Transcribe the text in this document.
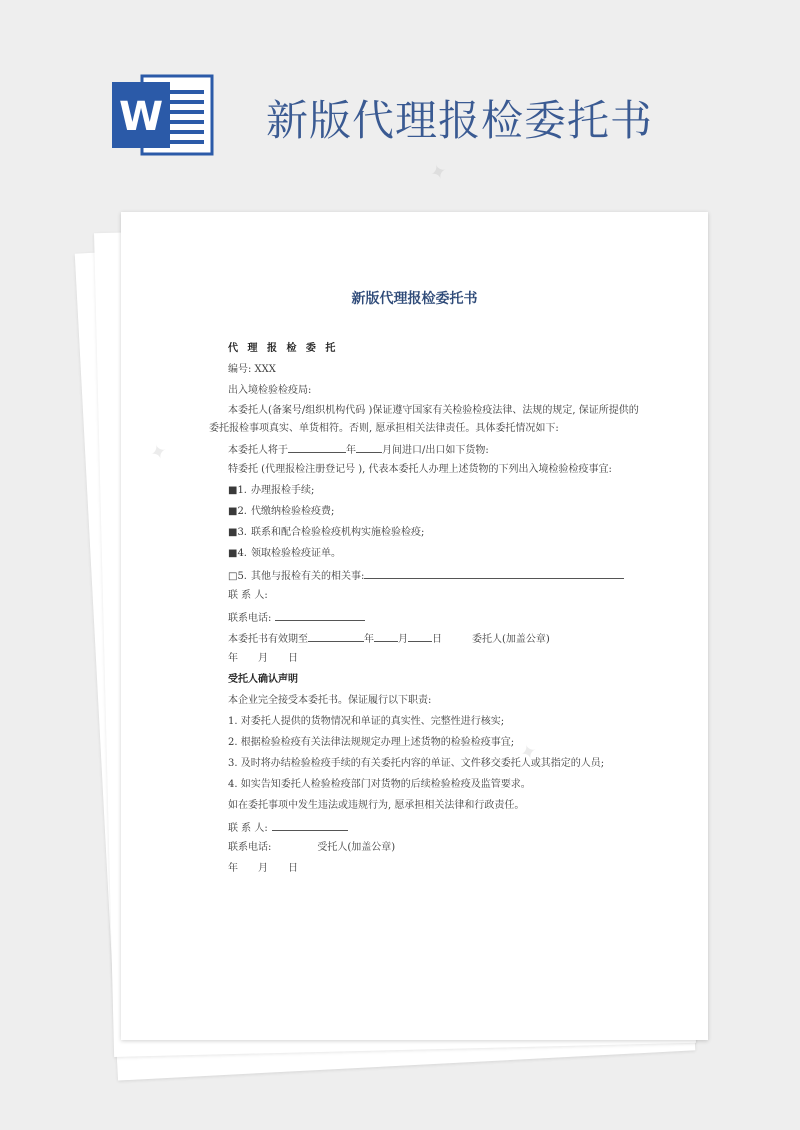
W 新版代理报检委托书
新版代理报检委托书
代 理 报 检 委 托
编号: XXX
出入境检验检疫局:
本委托人(备案号/组织机构代码 )保证遵守国家有关检验检疫法律、法规的规定, 保证所提供的
委托报检事项真实、单货相符。否则, 愿承担相关法律责任。具体委托情况如下:
本委托人将于	年	月间进口/出口如下货物:
特委托 (代理报检注册登记号 ), 代表本委托人办理上述货物的下列出入境检验检疫事宜:
■1. 办理报检手续;
■2. 代缴纳检验检疫费;
■3. 联系和配合检验检疫机构实施检验检疫;
■4. 领取检验检疫证单。
□5. 其他与报检有关的相关事:
联 系 人:
联系电话:
本委托书有效期至	年 月 日	委托人(加盖公章)
年　　月　　日
受托人确认声明
本企业完全接受本委托书。保证履行以下职责:
1. 对委托人提供的货物情况和单证的真实性、完整性进行核实;
2. 根据检验检疫有关法律法规规定办理上述货物的检验检疫事宜;
3. 及时将办结检验检疫手续的有关委托内容的单证、文件移交委托人或其指定的人员;
4. 如实告知委托人检验检疫部门对货物的后续检验检疫及监管要求。
如在委托事项中发生违法或违规行为, 愿承担相关法律和行政责任。
联 系 人:
联系电话:	受托人(加盖公章)
年　　月　　日
✦
